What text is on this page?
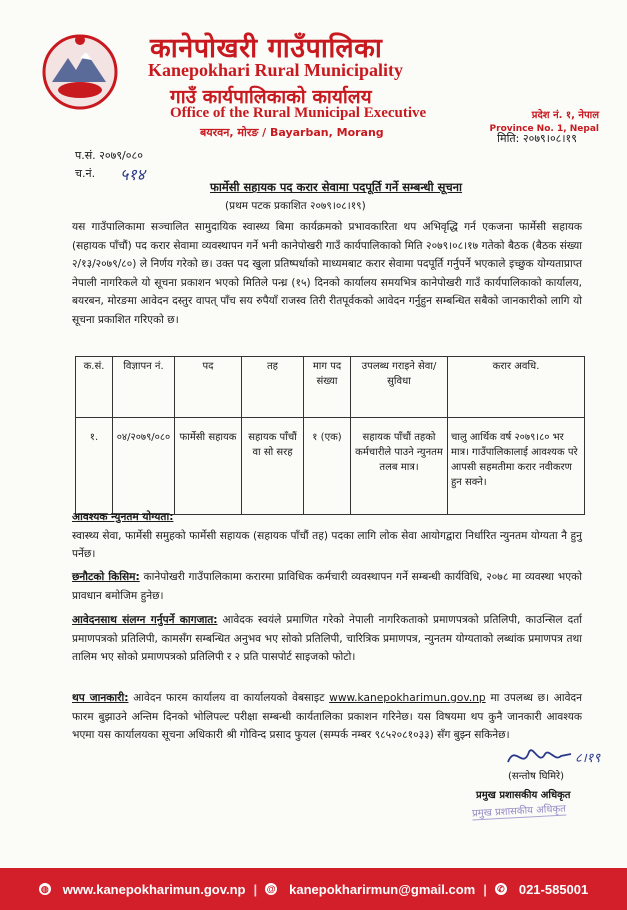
कानेपोखरी गाउँपालिका
Kanepokhari Rural Municipality
गाउँ कार्यपालिकाको कार्यालय
Office of the Rural Municipal Executive
बयरवन, मोरङ / Bayarban, Morang
प्रदेश नं. १, नेपाल
Province No. 1, Nepal
मिति: २०७९।०८।१९
प.सं. २०७९/०८०
च.नं. ५१४
फार्मेसी सहायक पद करार सेवामा पदपूर्ति गर्ने सम्बन्धी सूचना
(प्रथम पटक प्रकाशित २०७९।०८।१९)
यस गाउँपालिकामा सञ्चालित सामुदायिक स्वास्थ्य बिमा कार्यक्रमको प्रभावकारिता थप अभिवृद्धि गर्न एकजना फार्मेसी सहायक (सहायक पाँचौं) पद करार सेवामा व्यवस्थापन गर्ने भनी कानेपोखरी गाउँ कार्यपालिकाको मिति २०७९।०८।१७ गतेको बैठक (बैठक संख्या २/१३/२०७९/८०) ले निर्णय गरेको छ। उक्त पद खुला प्रतिष्पर्धाको माध्यमबाट करार सेवामा पदपूर्ति गर्नुपर्ने भएकाले इच्छुक योग्यताप्राप्त नेपाली नागरिकले यो सूचना प्रकाशन भएको मितिले पन्ध्र (१५) दिनको कार्यालय समयभित्र कानेपोखरी गाउँ कार्यपालिकाको कार्यालय, बयरबन, मोरङमा आवेदन दस्तुर वापत् पाँच सय रुपैयाँ राजस्व तिरी रीतपूर्वकको आवेदन गर्नुहुन सम्बन्धित सबैको जानकारीको लागि यो सूचना प्रकाशित गरिएको छ।
क.सं.	विज्ञापन नं.	पद	तह	माग पद संख्या	उपलब्ध गराइने सेवा/सुविधा	करार अवधि.
१.	०४/२०७९/०८०	फार्मेसी सहायक	सहायक पाँचौं वा सो सरह	१ (एक)	सहायक पाँचौं तहको कर्मचारीले पाउने न्युनतम तलब मात्र।	चालु आर्थिक वर्ष २०७९।८० भर मात्र। गाउँपालिकालाई आवश्यक परे आपसी सहमतीमा करार नवीकरण हुन सक्ने।
आवश्यक न्युनतम योग्यता:
स्वास्थ्य सेवा, फार्मेसी समुहको फार्मेसी सहायक (सहायक पाँचौं तह) पदका लागि लोक सेवा आयोगद्वारा निर्धारित न्युनतम योग्यता नै हुनु पर्नेछ।
छनौटको किसिम: कानेपोखरी गाउँपालिकामा करारमा प्राविधिक कर्मचारी व्यवस्थापन गर्ने सम्बन्धी कार्यविधि, २०७८ मा व्यवस्था भएको प्रावधान बमोजिम हुनेछ।
आवेदनसाथ संलग्न गर्नुपर्ने कागजात: आवेदक स्वयंले प्रमाणित गरेको नेपाली नागरिकताको प्रमाणपत्रको प्रतिलिपी, काउन्सिल दर्ता प्रमाणपत्रको प्रतिलिपी, कामसँग सम्बन्धित अनुभव भए सोको प्रतिलिपी, चारित्रिक प्रमाणपत्र, न्युनतम योग्यताको लब्धांक प्रमाणपत्र तथा तालिम भए सोको प्रमाणपत्रको प्रतिलिपी र २ प्रति पासपोर्ट साइजको फोटो।
थप जानकारी: आवेदन फारम कार्यालय वा कार्यालयको वेबसाइट www.kanepokharimun.gov.np मा उपलब्ध छ। आवेदन फारम बुझाउने अन्तिम दिनको भोलिपल्ट परीक्षा सम्बन्धी कार्यतालिका प्रकाशन गरिनेछ। यस विषयमा थप कुनै जानकारी आवश्यक भएमा यस कार्यालयका सूचना अधिकारी श्री गोविन्द प्रसाद फुयल (सम्पर्क नम्बर ९८५२०८१०३३) सँग बुझ्न सकिनेछ।
८।१९
(सन्तोष घिमिरे)
प्रमुख प्रशासकीय अधिकृत
प्रमुख प्रशासकीय अधिकृत
◍ www.kanepokharimun.gov.np | @ kanepokharirmun@gmail.com | ✆ 021-585001
